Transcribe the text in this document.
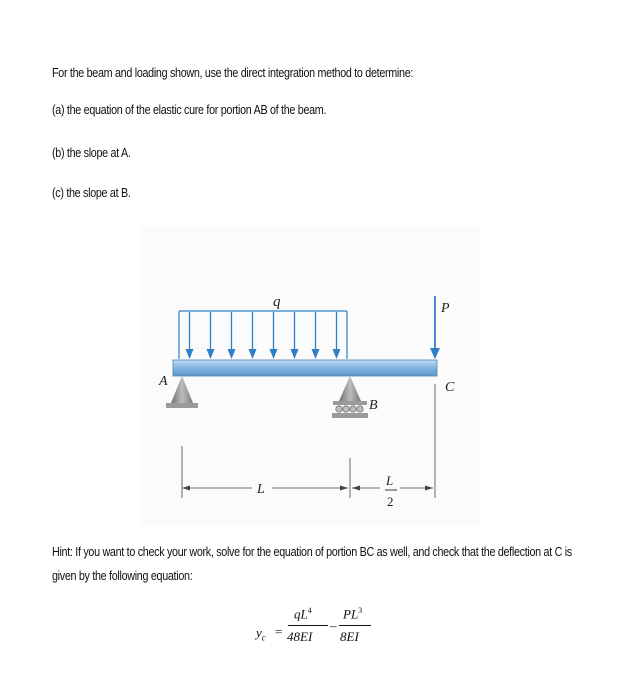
For the beam and loading shown, use the direct integration method to determine:
(a) the equation of the elastic cure for portion AB of the beam.
(b) the slope at A.
(c) the slope at B.
q	P
A
B
C
L
L
2
Hint: If you want to check your work, solve for the equation of portion BC as well, and check that the deflection at C is
given by the following equation:
$y_c$ =
$qL^4$
48EI
–
$PL^3$
8EI
